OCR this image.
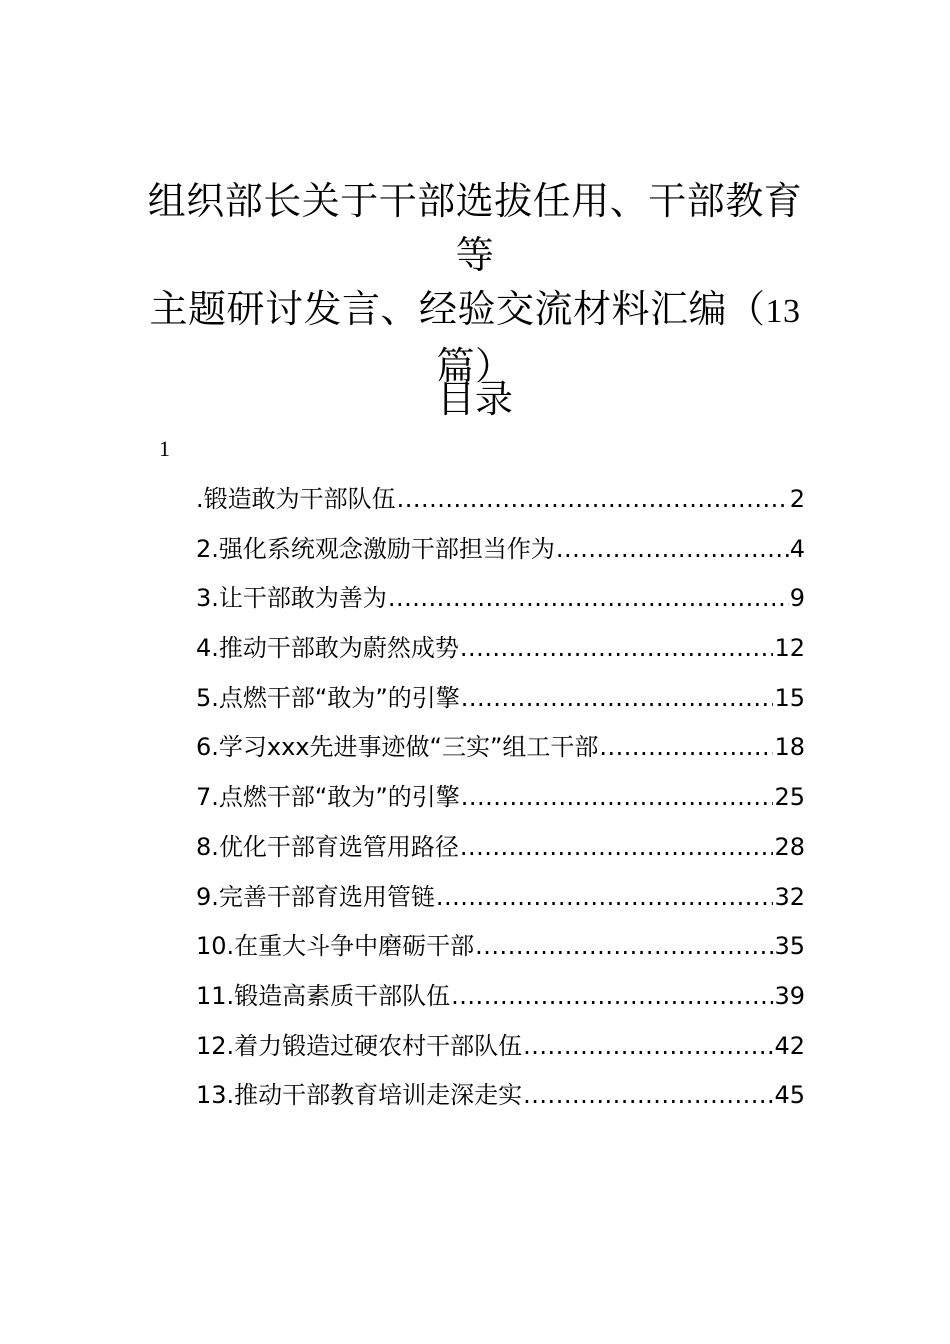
组织部长关于干部选拔任用、干部教育等
主题研讨发言、经验交流材料汇编（13
篇）
目录
1
.锻造敢为干部队伍 .....	2
2.强化系统观念激励干部担当作为 .....	4
3.让干部敢为善为 .....	9
4.推动干部敢为蔚然成势 .....	12
5.点燃干部“敢为”的引擎 .....	15
6.学习xxx先进事迹做“三实”组工干部 .....	18
7.点燃干部“敢为”的引擎 .....	25
8.优化干部育选管用路径 .....	28
9.完善干部育选用管链 .....	32
10.在重大斗争中磨砺干部 .....	35
11.锻造高素质干部队伍 .....	39
12.着力锻造过硬农村干部队伍 .....	42
13.推动干部教育培训走深走实 .....	45
